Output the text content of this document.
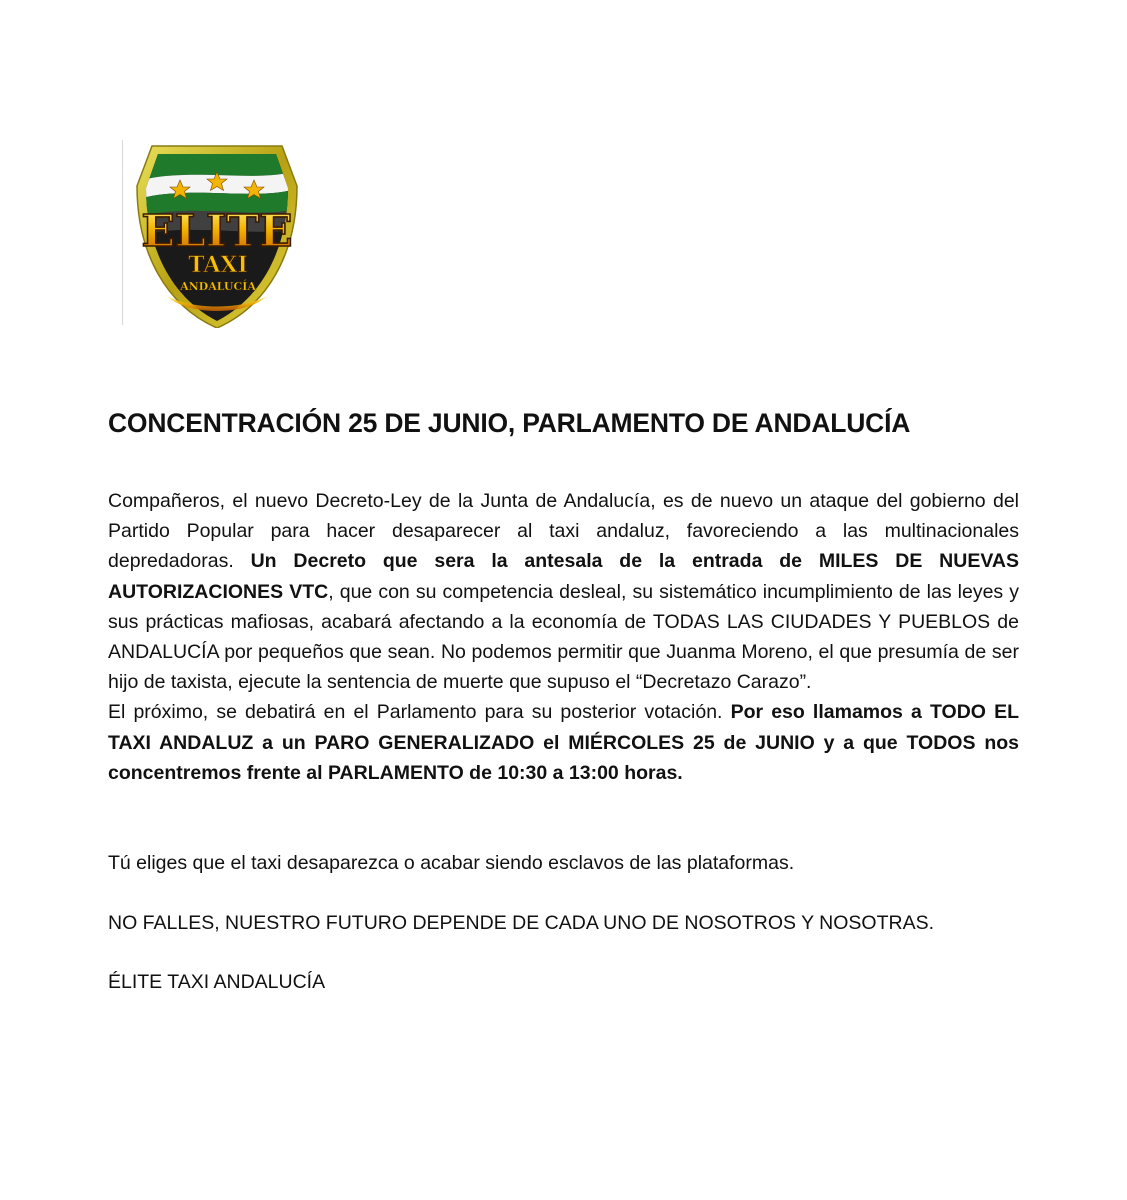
ELITE
TAXI
ANDALUCÍA
CONCENTRACIÓN 25 DE JUNIO, PARLAMENTO DE ANDALUCÍA

Compañeros, el nuevo Decreto-Ley de la Junta de Andalucía, es de nuevo un ataque del gobierno del Partido Popular para hacer desaparecer al taxi andaluz, favoreciendo a las multinacionales depredadoras. Un Decreto que sera la antesala de la entrada de MILES DE NUEVAS AUTORIZACIONES VTC, que con su competencia desleal, su sistemático incumplimiento de las leyes y sus prácticas mafiosas, acabará afectando a la economía de TODAS LAS CIUDADES Y PUEBLOS de ANDALUCÍA por pequeños que sean. No podemos permitir que Juanma Moreno, el que presumía de ser hijo de taxista, ejecute la sentencia de muerte que supuso el “Decretazo Carazo”.

El próximo, se debatirá en el Parlamento para su posterior votación. Por eso llamamos a TODO EL TAXI ANDALUZ a un PARO GENERALIZADO el MIÉRCOLES 25 de JUNIO y a que TODOS nos concentremos frente al PARLAMENTO de 10:30 a 13:00 horas.

Tú eliges que el taxi desaparezca o acabar siendo esclavos de las plataformas.

NO FALLES, NUESTRO FUTURO DEPENDE DE CADA UNO DE NOSOTROS Y NOSOTRAS.

ÉLITE TAXI ANDALUCÍA
